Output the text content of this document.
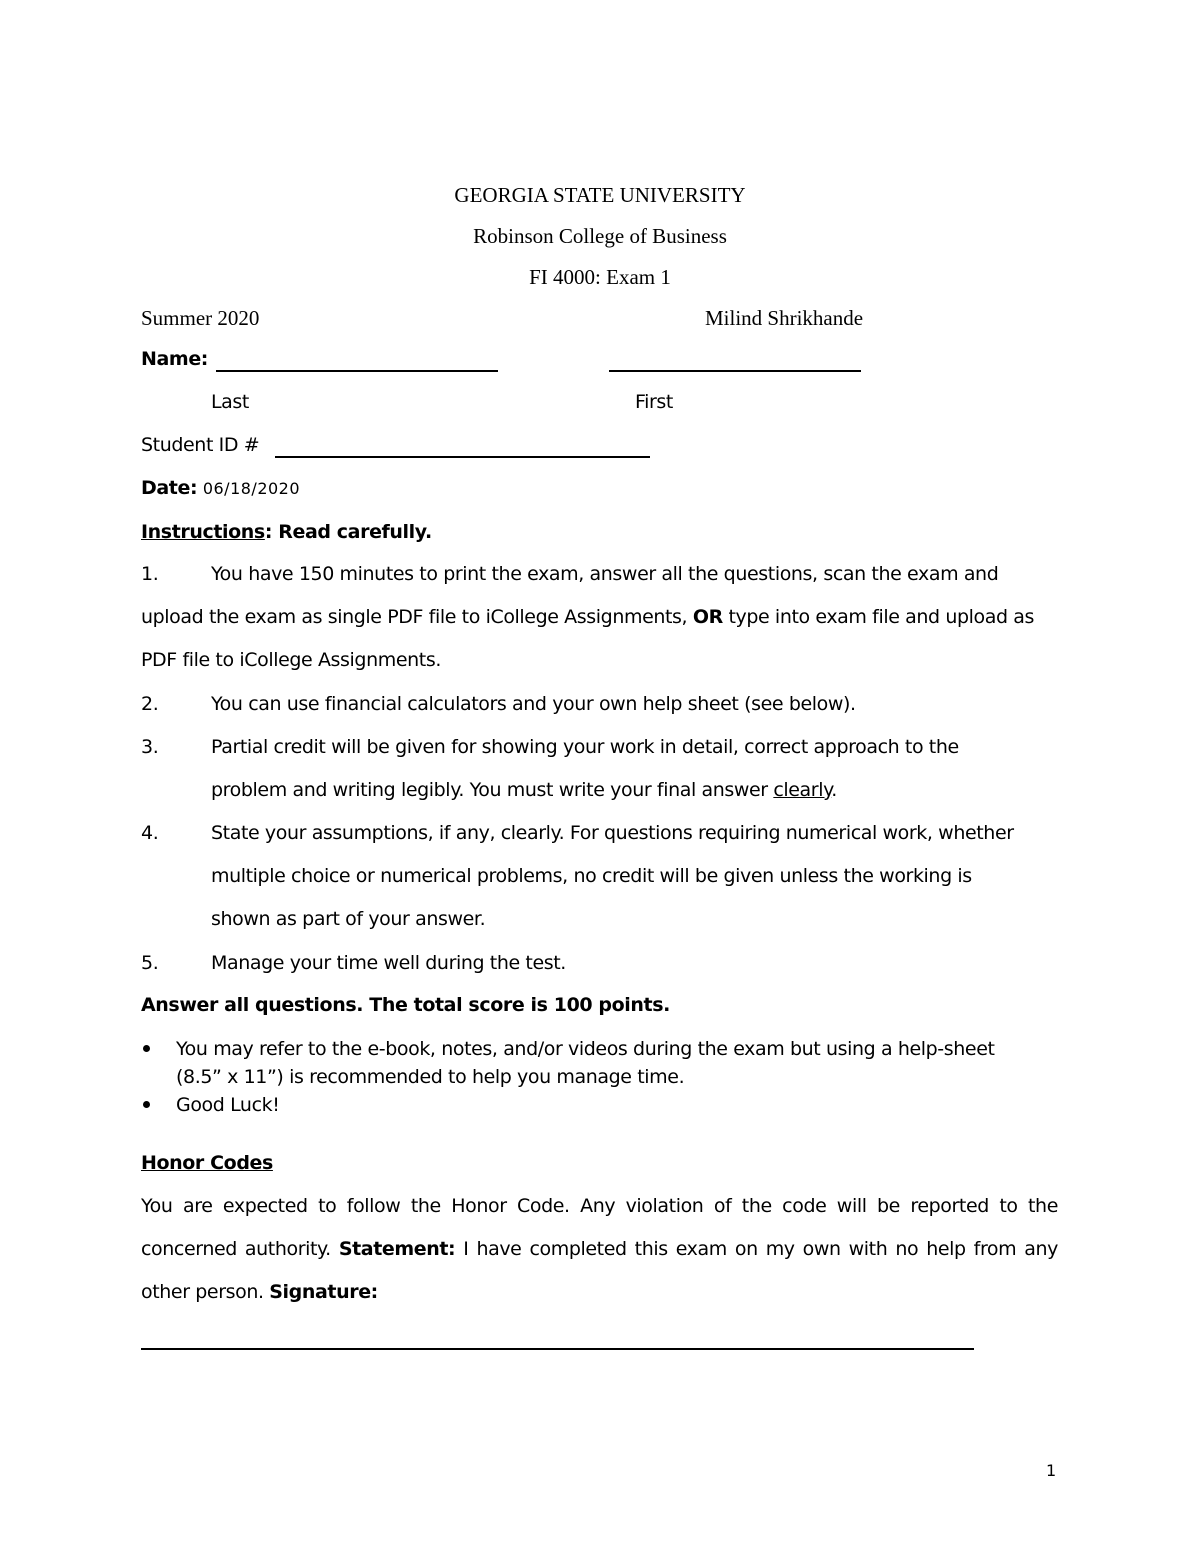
GEORGIA STATE UNIVERSITY
Robinson College of Business
FI 4000: Exam 1
Summer 2020	Milind Shrikhande
Name:
Last	First
Student ID #
Date: 06/18/2020
Instructions: Read carefully.
1.	You have 150 minutes to print the exam, answer all the questions, scan the exam and
upload the exam as single PDF file to iCollege Assignments, OR type into exam file and upload as
PDF file to iCollege Assignments.
2.	You can use financial calculators and your own help sheet (see below).
3.	Partial credit will be given for showing your work in detail, correct approach to the
problem and writing legibly. You must write your final answer clearly.
4.	State your assumptions, if any, clearly. For questions requiring numerical work, whether
multiple choice or numerical problems, no credit will be given unless the working is
shown as part of your answer.
5.	Manage your time well during the test.
Answer all questions. The total score is 100 points.
You may refer to the e-book, notes, and/or videos during the exam but using a help-sheet
(8.5” x 11”) is recommended to help you manage time.
Good Luck!
Honor Codes
You are expected to follow the Honor Code. Any violation of the code will be reported to the
concerned authority. Statement: I have completed this exam on my own with no help from any
other person. Signature:
1
